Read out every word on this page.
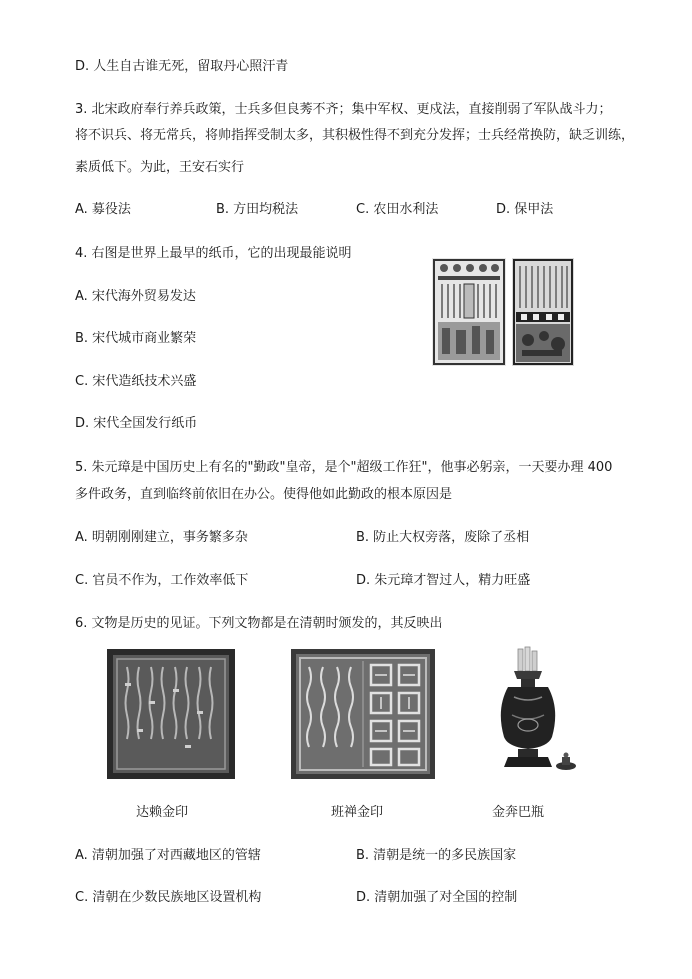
D. 人生自古谁无死，留取丹心照汗青
3. 北宋政府奉行养兵政策，士兵多但良莠不齐；集中军权、更戍法，直接削弱了军队战斗力；
将不识兵、将无常兵，将帅指挥受制太多，其积极性得不到充分发挥；士兵经常换防，缺乏训练，
素质低下。为此，王安石实行
A. 募役法	B. 方田均税法	C. 农田水利法	D. 保甲法
4. 右图是世界上最早的纸币，它的出现最能说明
A. 宋代海外贸易发达
B. 宋代城市商业繁荣
C. 宋代造纸技术兴盛
D. 宋代全国发行纸币
5. 朱元璋是中国历史上有名的"勤政"皇帝，是个"超级工作狂"，他事必躬亲，一天要办理 400
多件政务，直到临终前依旧在办公。使得他如此勤政的根本原因是
A. 明朝刚刚建立，事务繁多杂	B. 防止大权旁落，废除了丞相
C. 官员不作为，工作效率低下	D. 朱元璋才智过人，精力旺盛
6. 文物是历史的见证。下列文物都是在清朝时颁发的，其反映出
达赖金印	班禅金印	金奔巴瓶
A. 清朝加强了对西藏地区的管辖	B. 清朝是统一的多民族国家
C. 清朝在少数民族地区设置机构	D. 清朝加强了对全国的控制
